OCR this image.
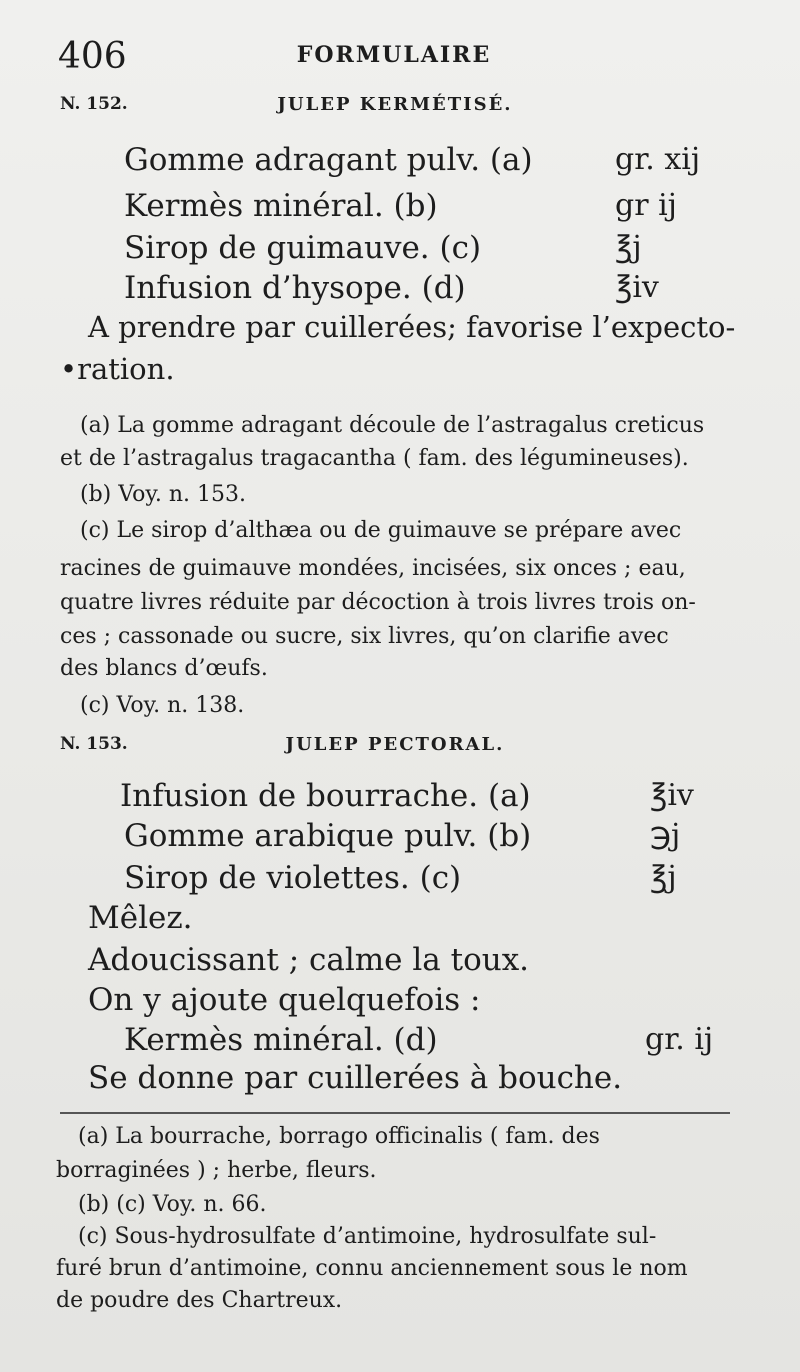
406	FORMULAIRE
N. 152.	JULEP KERMÉTISÉ.
Gomme adragant pulv. (a)	gr. xij
Kermès minéral. (b)	gr ij
Sirop de guimauve. (c)	℥j
Infusion d’hysope. (d)	℥iv
A prendre par cuillerées; favorise l’expecto-
•ration.
(a) La gomme adragant découle de l’astragalus creticus
et de l’astragalus tragacantha ( fam. des légumineuses).
(b) Voy. n. 153.
(c) Le sirop d’althæa ou de guimauve se prépare avec
racines de guimauve mondées, incisées, six onces ; eau,
quatre livres réduite par décoction à trois livres trois on-
ces ; cassonade ou sucre, six livres, qu’on clarifie avec
des blancs d’œufs.
(c) Voy. n. 138.
N. 153.	JULEP PECTORAL.
Infusion de bourrache. (a)	℥iv
Gomme arabique pulv. (b)	℈j
Sirop de violettes. (c)	℥j
Mêlez.
Adoucissant ; calme la toux.
On y ajoute quelquefois :
Kermès minéral. (d)	gr. ij
Se donne par cuillerées à bouche.
(a) La bourrache, borrago officinalis ( fam. des
borraginées ) ; herbe, fleurs.
(b) (c) Voy. n. 66.
(c) Sous-hydrosulfate d’antimoine, hydrosulfate sul-
furé brun d’antimoine, connu anciennement sous le nom
de poudre des Chartreux.
